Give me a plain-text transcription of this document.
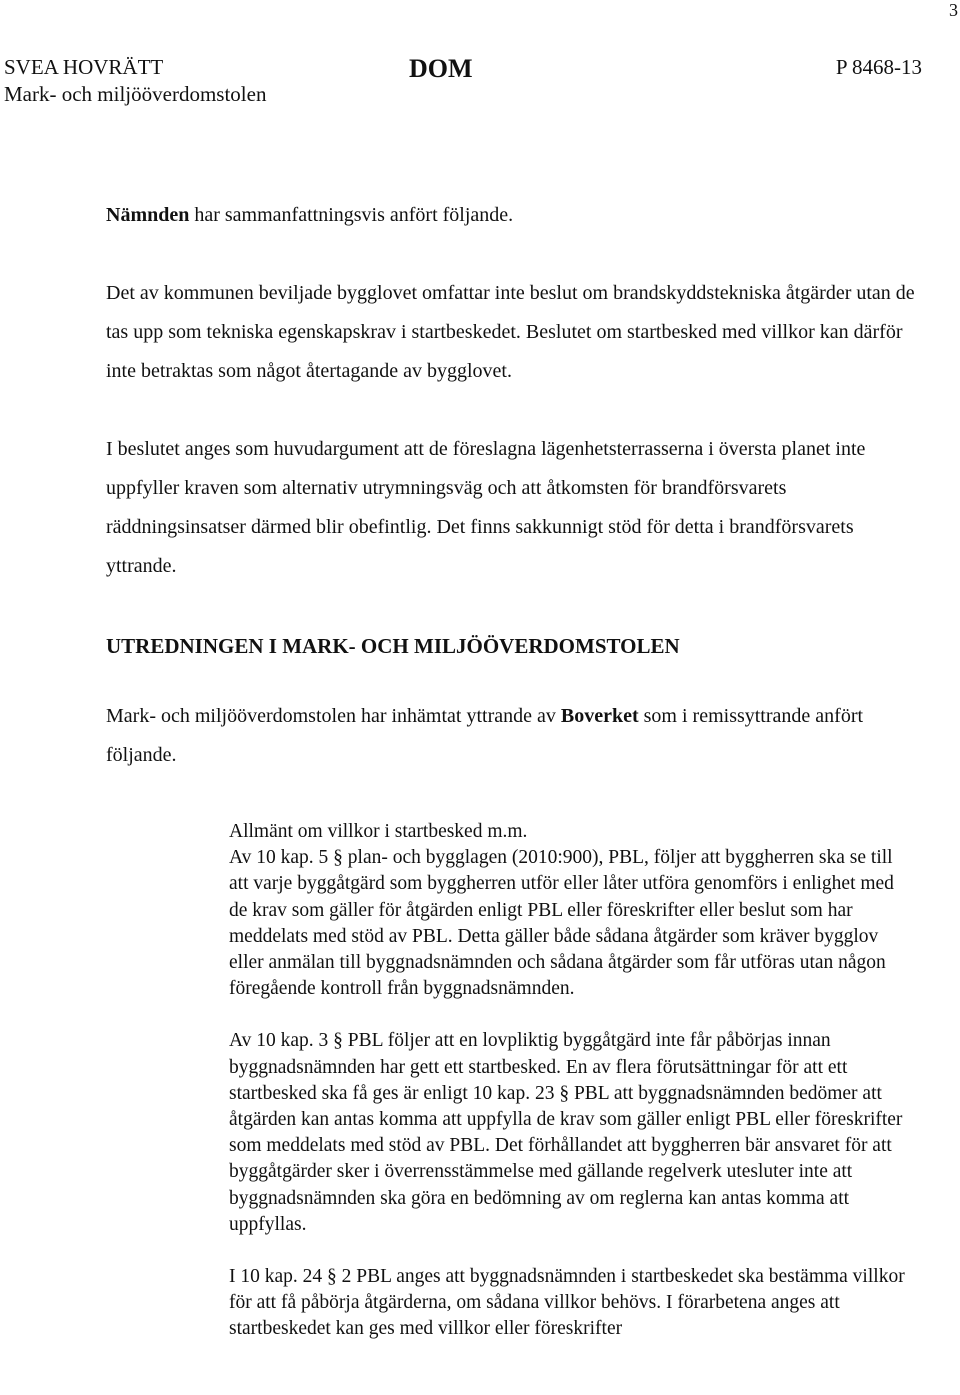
3
SVEA HOVRÄTT
Mark- och miljööverdomstolen
DOM	P 8468-13

Nämnden har sammanfattningsvis anfört följande.

Det av kommunen beviljade bygglovet omfattar inte beslut om brandskyddstekniska åtgärder utan de tas upp som tekniska egenskapskrav i startbeskedet. Beslutet om startbesked med villkor kan därför inte betraktas som något återtagande av bygglovet.

I beslutet anges som huvudargument att de föreslagna lägenhetsterrasserna i översta planet inte uppfyller kraven som alternativ utrymningsväg och att åtkomsten för brandförsvarets räddningsinsatser därmed blir obefintlig. Det finns sakkunnigt stöd för detta i brandförsvarets yttrande.

UTREDNINGEN I MARK- OCH MILJÖÖVERDOMSTOLEN

Mark- och miljööverdomstolen har inhämtat yttrande av Boverket som i remissyttrande anfört följande.

Allmänt om villkor i startbesked m.m.

Av 10 kap. 5 § plan- och bygglagen (2010:900), PBL, följer att byggherren ska se till att varje byggåtgärd som byggherren utför eller låter utföra genomförs i enlighet med de krav som gäller för åtgärden enligt PBL eller föreskrifter eller beslut som har meddelats med stöd av PBL. Detta gäller både sådana åtgärder som kräver bygglov eller anmälan till byggnadsnämnden och sådana åtgärder som får utföras utan någon föregående kontroll från byggnadsnämnden.

Av 10 kap. 3 § PBL följer att en lovpliktig byggåtgärd inte får påbörjas innan byggnadsnämnden har gett ett startbesked. En av flera förutsättningar för att ett startbesked ska få ges är enligt 10 kap. 23 § PBL att byggnadsnämnden bedömer att åtgärden kan antas komma att uppfylla de krav som gäller enligt PBL eller föreskrifter som meddelats med stöd av PBL. Det förhållandet att byggherren bär ansvaret för att byggåtgärder sker i överrensstämmelse med gällande regelverk utesluter inte att byggnadsnämnden ska göra en bedömning av om reglerna kan antas komma att uppfyllas.

I 10 kap. 24 § 2 PBL anges att byggnadsnämnden i startbeskedet ska bestämma villkor för att få påbörja åtgärderna, om sådana villkor behövs. I förarbetena anges att startbeskedet kan ges med villkor eller föreskrifter
